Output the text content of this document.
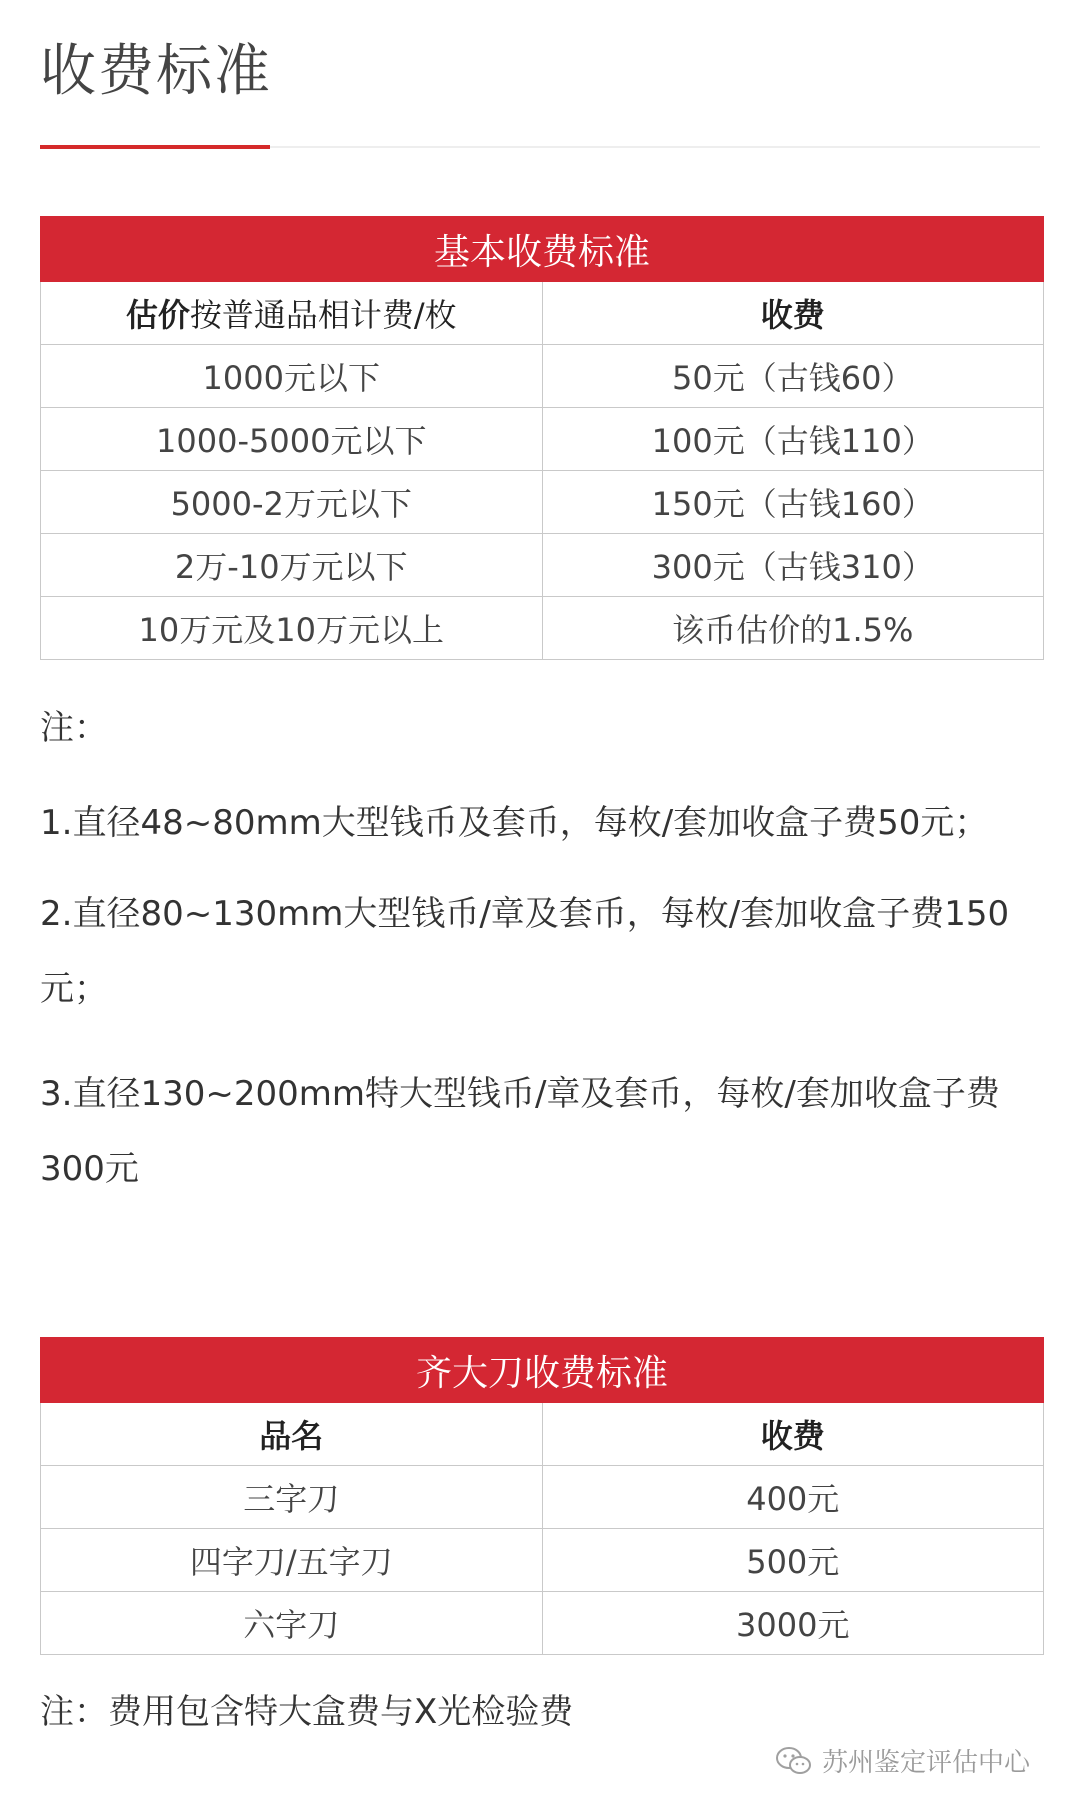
收费标准
基本收费标准	
估价按普通品相计费/枚	收费
1000元以下	50元（古钱60）
1000-5000元以下	100元（古钱110）
5000-2万元以下	150元（古钱160）
2万-10万元以下	300元（古钱310）
10万元及10万元以上	该币估价的1.5%
注：
1.直径48~80mm大型钱币及套币，每枚/套加收盒子费50元；
2.直径80~130mm大型钱币/章及套币，每枚/套加收盒子费150元；
3.直径130~200mm特大型钱币/章及套币，每枚/套加收盒子费300元
齐大刀收费标准	
品名	收费
三字刀	400元
四字刀/五字刀	500元
六字刀	3000元
注：费用包含特大盒费与X光检验费
苏州鉴定评估中心
